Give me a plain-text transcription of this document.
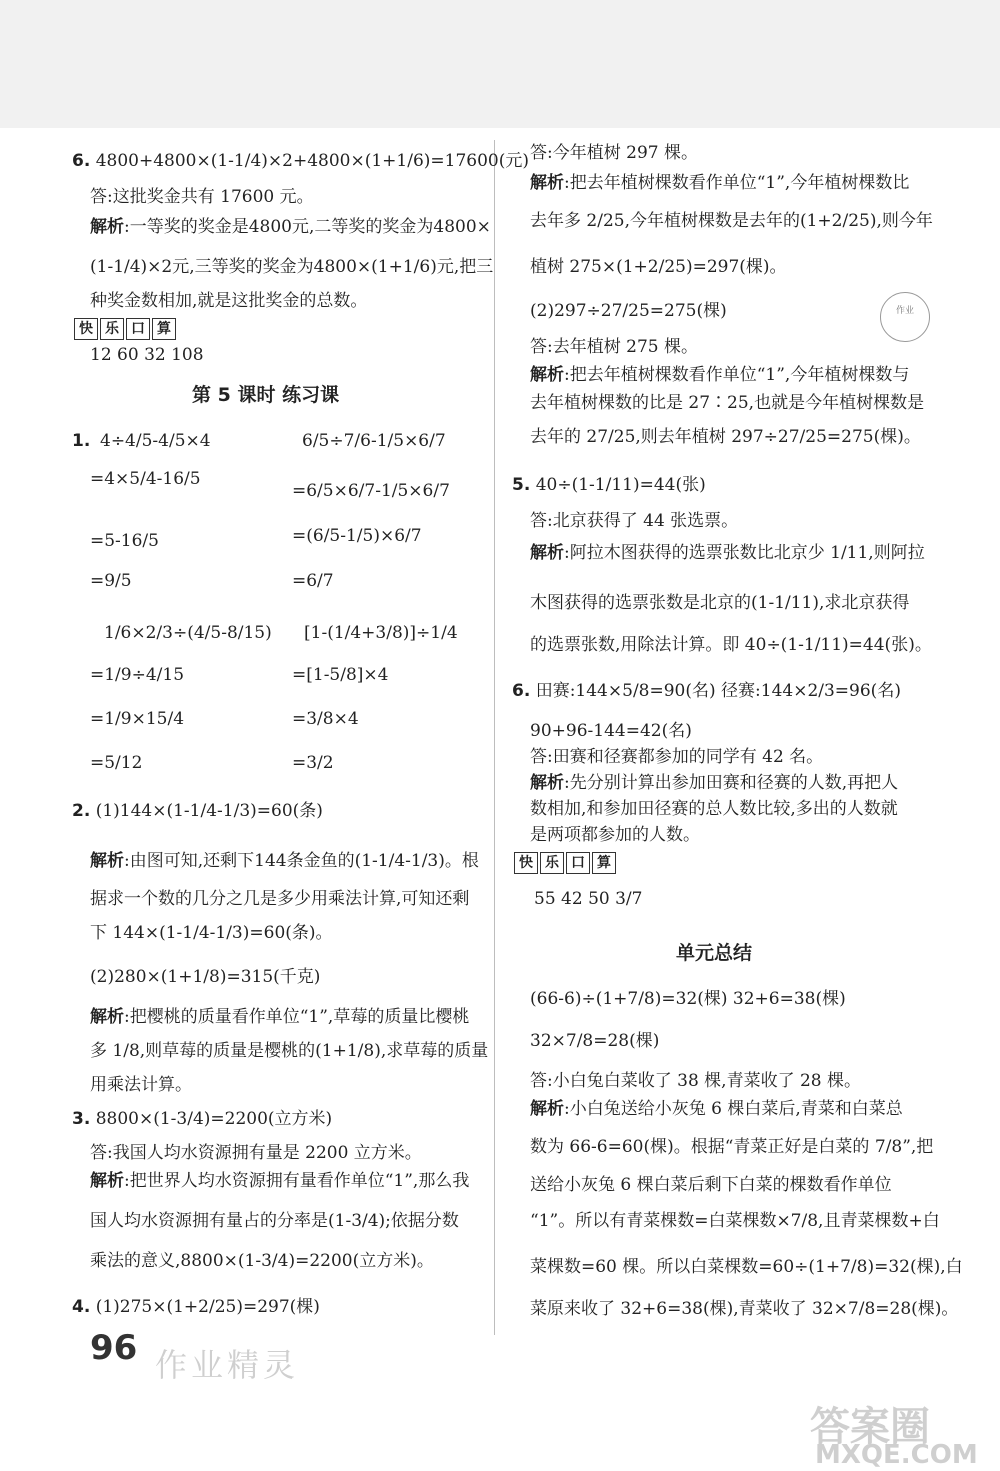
6. 4800+4800×(1-1/4)×2+4800×(1+1/6)=17600(元)
答:这批奖金共有 17600 元。
解析:一等奖的奖金是4800元,二等奖的奖金为4800×
(1-1/4)×2元,三等奖的奖金为4800×(1+1/6)元,把三
种奖金数相加,就是这批奖金的总数。
快 乐 口 算
12 60 32 108
第 5 课时 练习课
1. 4÷4/5-4/5×4
=4×5/4-16/5
=5-16/5
=9/5
6/5÷7/6-1/5×6/7
=6/5×6/7-1/5×6/7
=(6/5-1/5)×6/7
=6/7
1/6×2/3÷(4/5-8/15)
=1/9÷4/15
=1/9×15/4
=5/12
[1-(1/4+3/8)]÷1/4
=[1-5/8]×4
=3/8×4
=3/2
2. (1)144×(1-1/4-1/3)=60(条)
解析:由图可知,还剩下144条金鱼的(1-1/4-1/3)。根
据求一个数的几分之几是多少用乘法计算,可知还剩
下 144×(1-1/4-1/3)=60(条)。
(2)280×(1+1/8)=315(千克)
解析:把樱桃的质量看作单位“1”,草莓的质量比樱桃
多 1/8,则草莓的质量是樱桃的(1+1/8),求草莓的质量
用乘法计算。
3. 8800×(1-3/4)=2200(立方米)
答:我国人均水资源拥有量是 2200 立方米。
解析:把世界人均水资源拥有量看作单位“1”,那么我
国人均水资源拥有量占的分率是(1-3/4);依据分数
乘法的意义,8800×(1-3/4)=2200(立方米)。
4. (1)275×(1+2/25)=297(棵)
答:今年植树 297 棵。
解析:把去年植树棵数看作单位“1”,今年植树棵数比
去年多 2/25,今年植树棵数是去年的(1+2/25),则今年
植树 275×(1+2/25)=297(棵)。
(2)297÷27/25=275(棵)	作业
答:去年植树 275 棵。
解析:把去年植树棵数看作单位“1”,今年植树棵数与
去年植树棵数的比是 27∶25,也就是今年植树棵数是
去年的 27/25,则去年植树 297÷27/25=275(棵)。
5. 40÷(1-1/11)=44(张)
答:北京获得了 44 张选票。
解析:阿拉木图获得的选票张数比北京少 1/11,则阿拉
木图获得的选票张数是北京的(1-1/11),求北京获得
的选票张数,用除法计算。即 40÷(1-1/11)=44(张)。
6. 田赛:144×5/8=90(名) 径赛:144×2/3=96(名)
90+96-144=42(名)
答:田赛和径赛都参加的同学有 42 名。
解析:先分别计算出参加田赛和径赛的人数,再把人
数相加,和参加田径赛的总人数比较,多出的人数就
是两项都参加的人数。
快 乐 口 算
55 42 50 3/7
单元总结
(66-6)÷(1+7/8)=32(棵) 32+6=38(棵)
32×7/8=28(棵)
答:小白兔白菜收了 38 棵,青菜收了 28 棵。
解析:小白兔送给小灰兔 6 棵白菜后,青菜和白菜总
数为 66-6=60(棵)。根据“青菜正好是白菜的 7/8”,把
送给小灰兔 6 棵白菜后剩下白菜的棵数看作单位
“1”。所以有青菜棵数=白菜棵数×7/8,且青菜棵数+白
菜棵数=60 棵。所以白菜棵数=60÷(1+7/8)=32(棵),白
菜原来收了 32+6=38(棵),青菜收了 32×7/8=28(棵)。
96 作业精灵
答案圈
MXQE.COM
